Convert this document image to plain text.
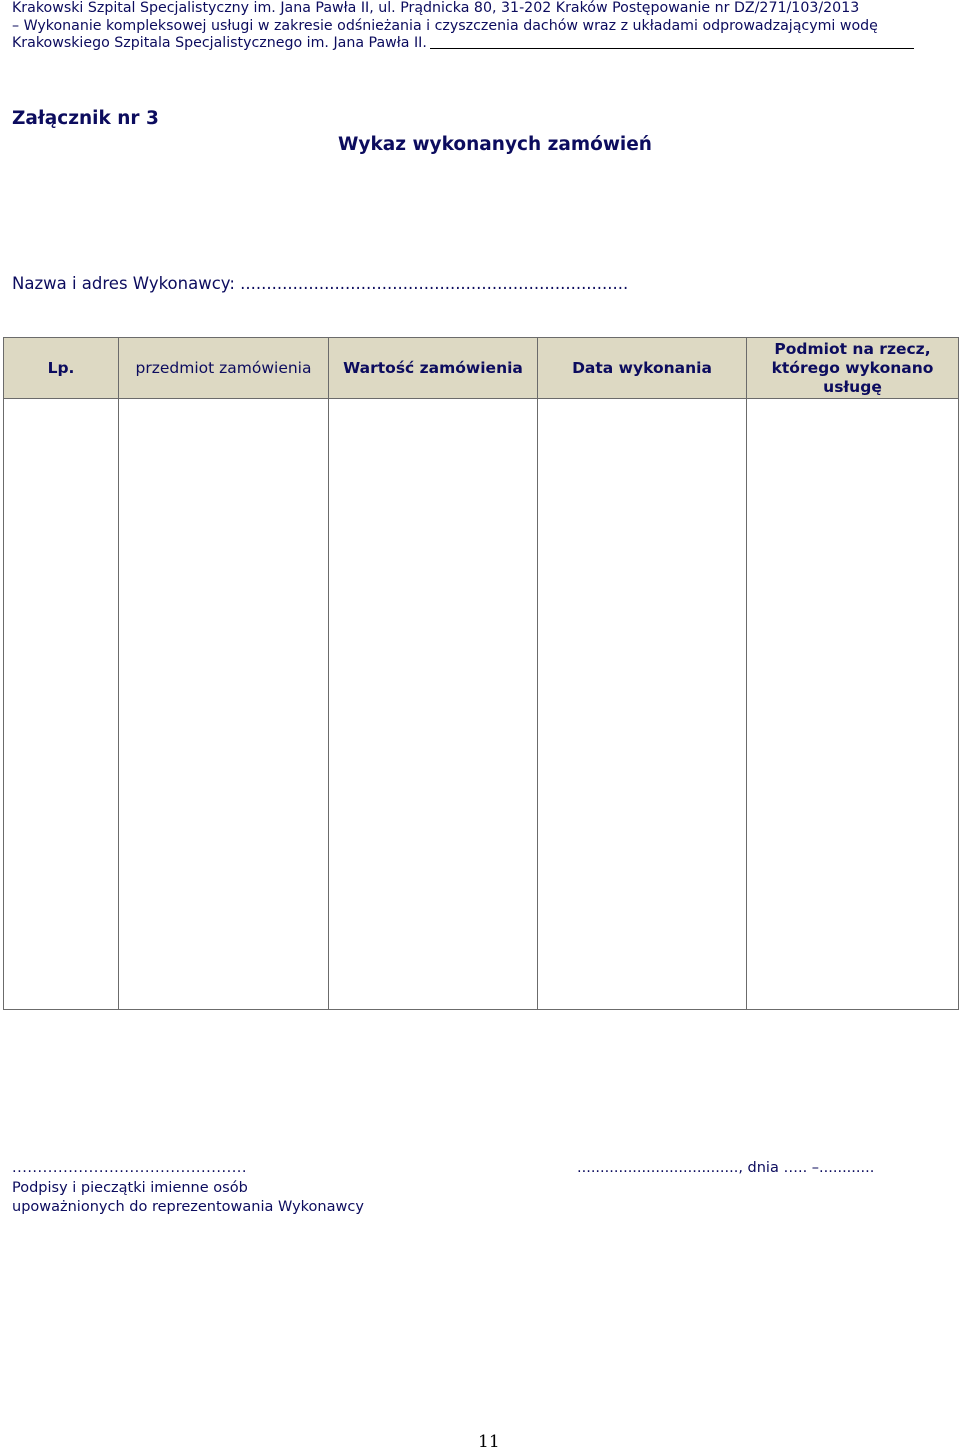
Krakowski Szpital Specjalistyczny im. Jana Pawła II, ul. Prądnicka 80, 31-202 Kraków Postępowanie nr DZ/271/103/2013
– Wykonanie kompleksowej usługi w zakresie odśnieżania i czyszczenia dachów wraz z układami odprowadzającymi wodę
Krakowskiego Szpitala Specjalistycznego im. Jana Pawła II.
Załącznik nr 3
Wykaz wykonanych zamówień
Nazwa i adres Wykonawcy: ..........................................................................
Lp.	przedmiot zamówienia	Wartość zamówienia	Data wykonania	Podmiot na rzecz, którego wykonano usługę

..............................................	..................................., dnia ….. –............
Podpisy i pieczątki imienne osób
upoważnionych do reprezentowania Wykonawcy
11
